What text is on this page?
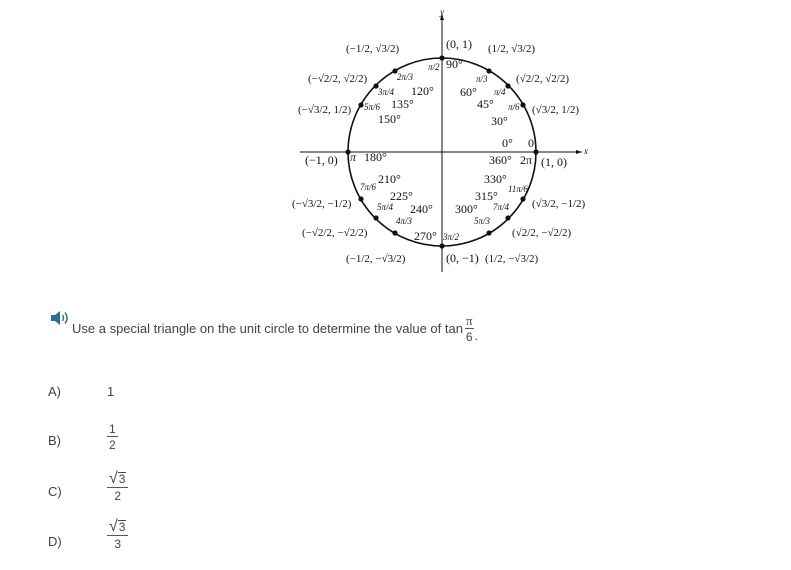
y
x
(0, 1)
(1, 0)
(−1, 0)
(0, −1)
(√3/2, 1/2)
(√2/2, √2/2)
(1/2, √3/2)
(−1/2, √3/2)
(−√2/2, √2/2)
(−√3/2, 1/2)
(−√3/2, −1/2)
(−√2/2, −√2/2)
(−1/2, −√3/2)	(1/2, −√3/2)
(√2/2, −√2/2)
(√3/2, −1/2)
0°
30°
45°
60°
90°
120°
135°
150°
180°
210°
225°
240°
270°
300°
315°
330°
360°
0
2π
π
π/6
π/4
π/3
π/2
2π/3
3π/4
5π/6
7π/6
5π/4
4π/3
3π/2
5π/3
7π/4
11π/6
Use a special triangle on the unit circle to determine the value of $\tan \frac{\pi}{6}$ .
A)	1
B)	$\frac{1}{2}$
C)	$\frac{√ 3}{2}$
D)	$\frac{√ 3}{3}$
